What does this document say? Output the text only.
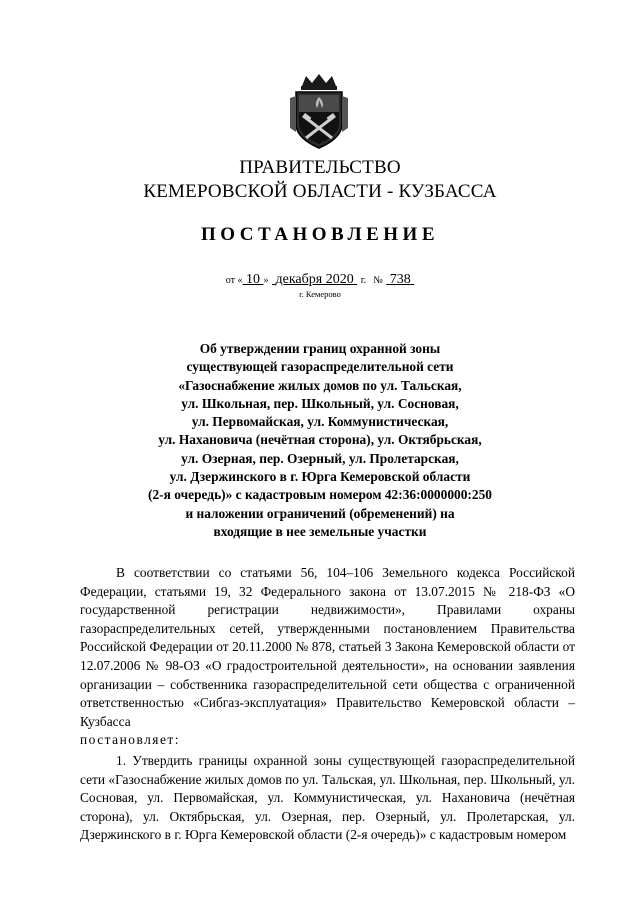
ПРАВИТЕЛЬСТВО
КЕМЕРОВСКОЙ ОБЛАСТИ - КУЗБАССА
ПОСТАНОВЛЕНИЕ
от « 10 » декабря 2020 г. № 738
г. Кемерово
Об утверждении границ охранной зоны
существующей газораспределительной сети
«Газоснабжение жилых домов по ул. Тальская,
ул. Школьная, пер. Школьный, ул. Сосновая,
ул. Первомайская, ул. Коммунистическая,
ул. Нахановича (нечётная сторона), ул. Октябрьская,
ул. Озерная, пер. Озерный, ул. Пролетарская,
ул. Дзержинского в г. Юрга Кемеровской области
(2-я очередь)» с кадастровым номером 42:36:0000000:250
и наложении ограничений (обременений) на
входящие в нее земельные участки

В соответствии со статьями 56, 104–106 Земельного кодекса Российской Федерации, статьями 19, 32 Федерального закона от 13.07.2015 № 218-ФЗ «О государственной регистрации недвижимости», Правилами охраны газораспределительных сетей, утвержденными постановлением Правительства Российской Федерации от 20.11.2000 № 878, статьей 3 Закона Кемеровской области от 12.07.2006 № 98-ОЗ «О градостроительной деятельности», на основании заявления организации – собственника газораспределительной сети общества с ограниченной ответственностью «Сибгаз-эксплуатация» Правительство Кемеровской области – Кузбасса

постановляет:

1. Утвердить границы охранной зоны существующей газораспределительной сети «Газоснабжение жилых домов по ул. Тальская, ул. Школьная, пер. Школьный, ул. Сосновая, ул. Первомайская, ул. Коммунистическая, ул. Нахановича (нечётная сторона), ул. Октябрьская, ул. Озерная, пер. Озерный, ул. Пролетарская, ул. Дзержинского в г. Юрга Кемеровской области (2-я очередь)» с кадастровым номером
